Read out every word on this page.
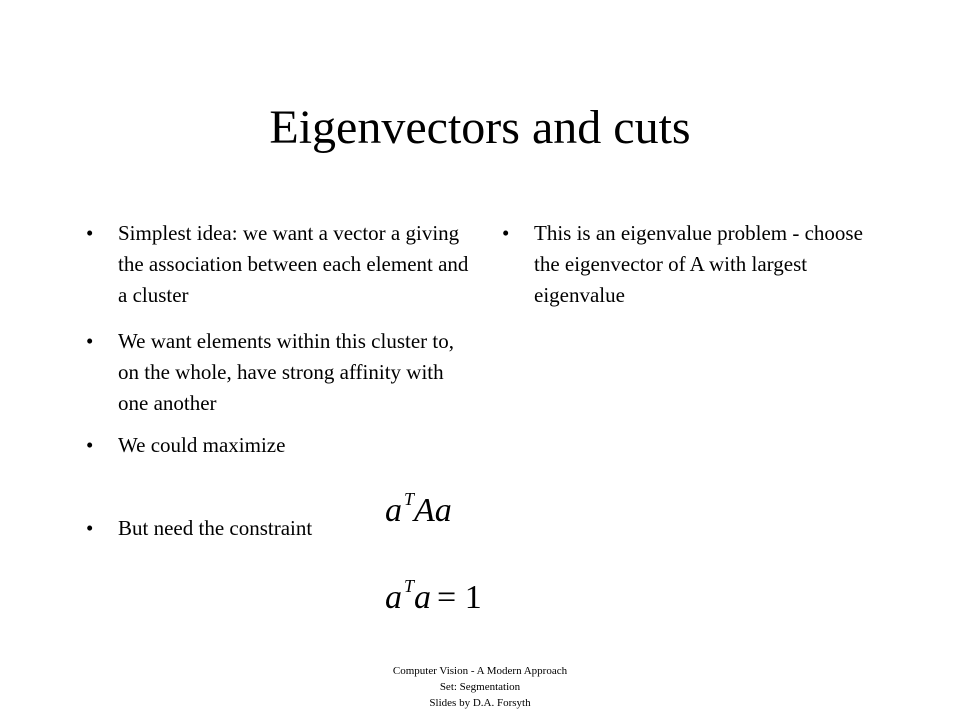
Eigenvectors and cuts

• Simplest idea: we want a vector a giving the association between each element and a cluster

• We want elements within this cluster to, on the whole, have strong affinity with one another

• We could maximize

• But need the constraint

• This is an eigenvalue problem - choose the eigenvector of A with largest eigenvalue

a $^T$Aa
a $^T$a = 1
Computer Vision - A Modern Approach
Set: Segmentation
Slides by D.A. Forsyth
